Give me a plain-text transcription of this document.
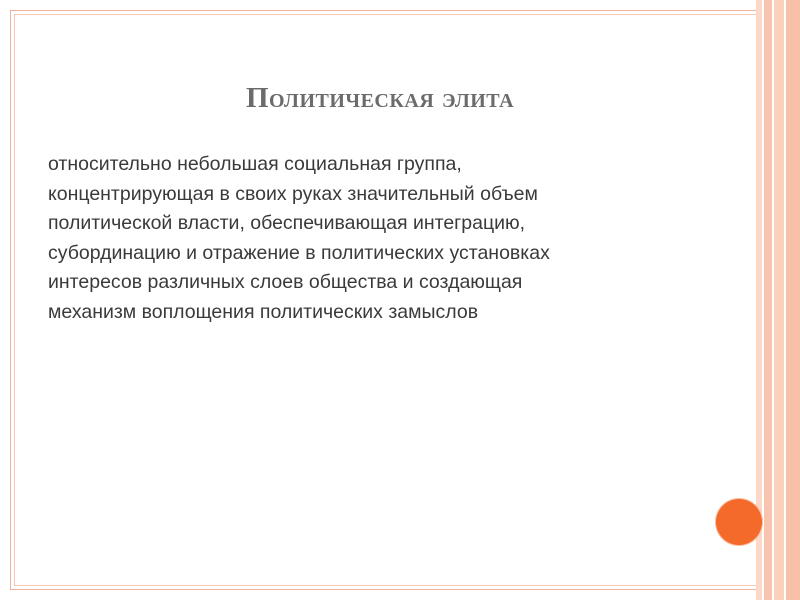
Политическая элита
относительно небольшая социальная группа,
концентрирующая в своих руках значительный объем
политической власти, обеспечивающая интеграцию,
субординацию и отражение в политических установках
интересов различных слоев общества и создающая
механизм воплощения политических замыслов
